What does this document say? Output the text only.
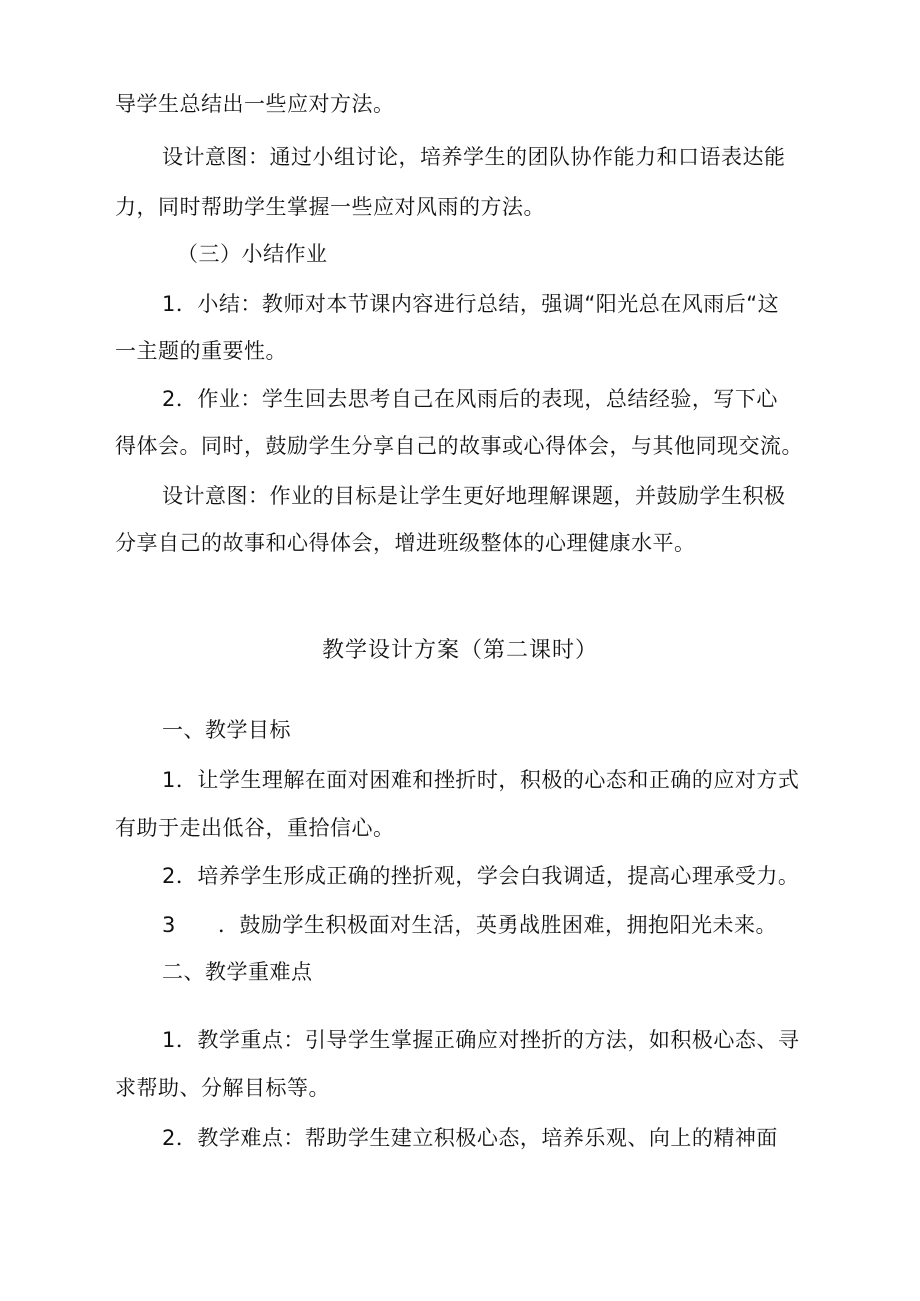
导学生总结出一些应对方法。
设计意图：通过小组讨论，培养学生的团队协作能力和口语表达能
力，同时帮助学生掌握一些应对风雨的方法。
（三）小结作业
1．小结：教师对本节课内容进行总结，强调“阳光总在风雨后“这
一主题的重要性。
2．作业：学生回去思考自己在风雨后的表现，总结经验，写下心
得体会。同时，鼓励学生分享自己的故事或心得体会，与其他同现交流。
设计意图：作业的目标是让学生更好地理解课题，并鼓励学生积极
分享自己的故事和心得体会，增进班级整体的心理健康水平。
教学设计方案（第二课时）
一、教学目标
1．让学生理解在面对困难和挫折时，积极的心态和正确的应对方式
有助于走出低谷，重拾信心。
2．培养学生形成正确的挫折观，学会白我调适，提高心理承受力。
3 ．鼓励学生积极面对生活，英勇战胜困难，拥抱阳光未来。
二、教学重难点
1．教学重点：引导学生掌握正确应对挫折的方法，如积极心态、寻
求帮助、分解目标等。
2．教学难点：帮助学生建立积极心态，培养乐观、向上的精神面
